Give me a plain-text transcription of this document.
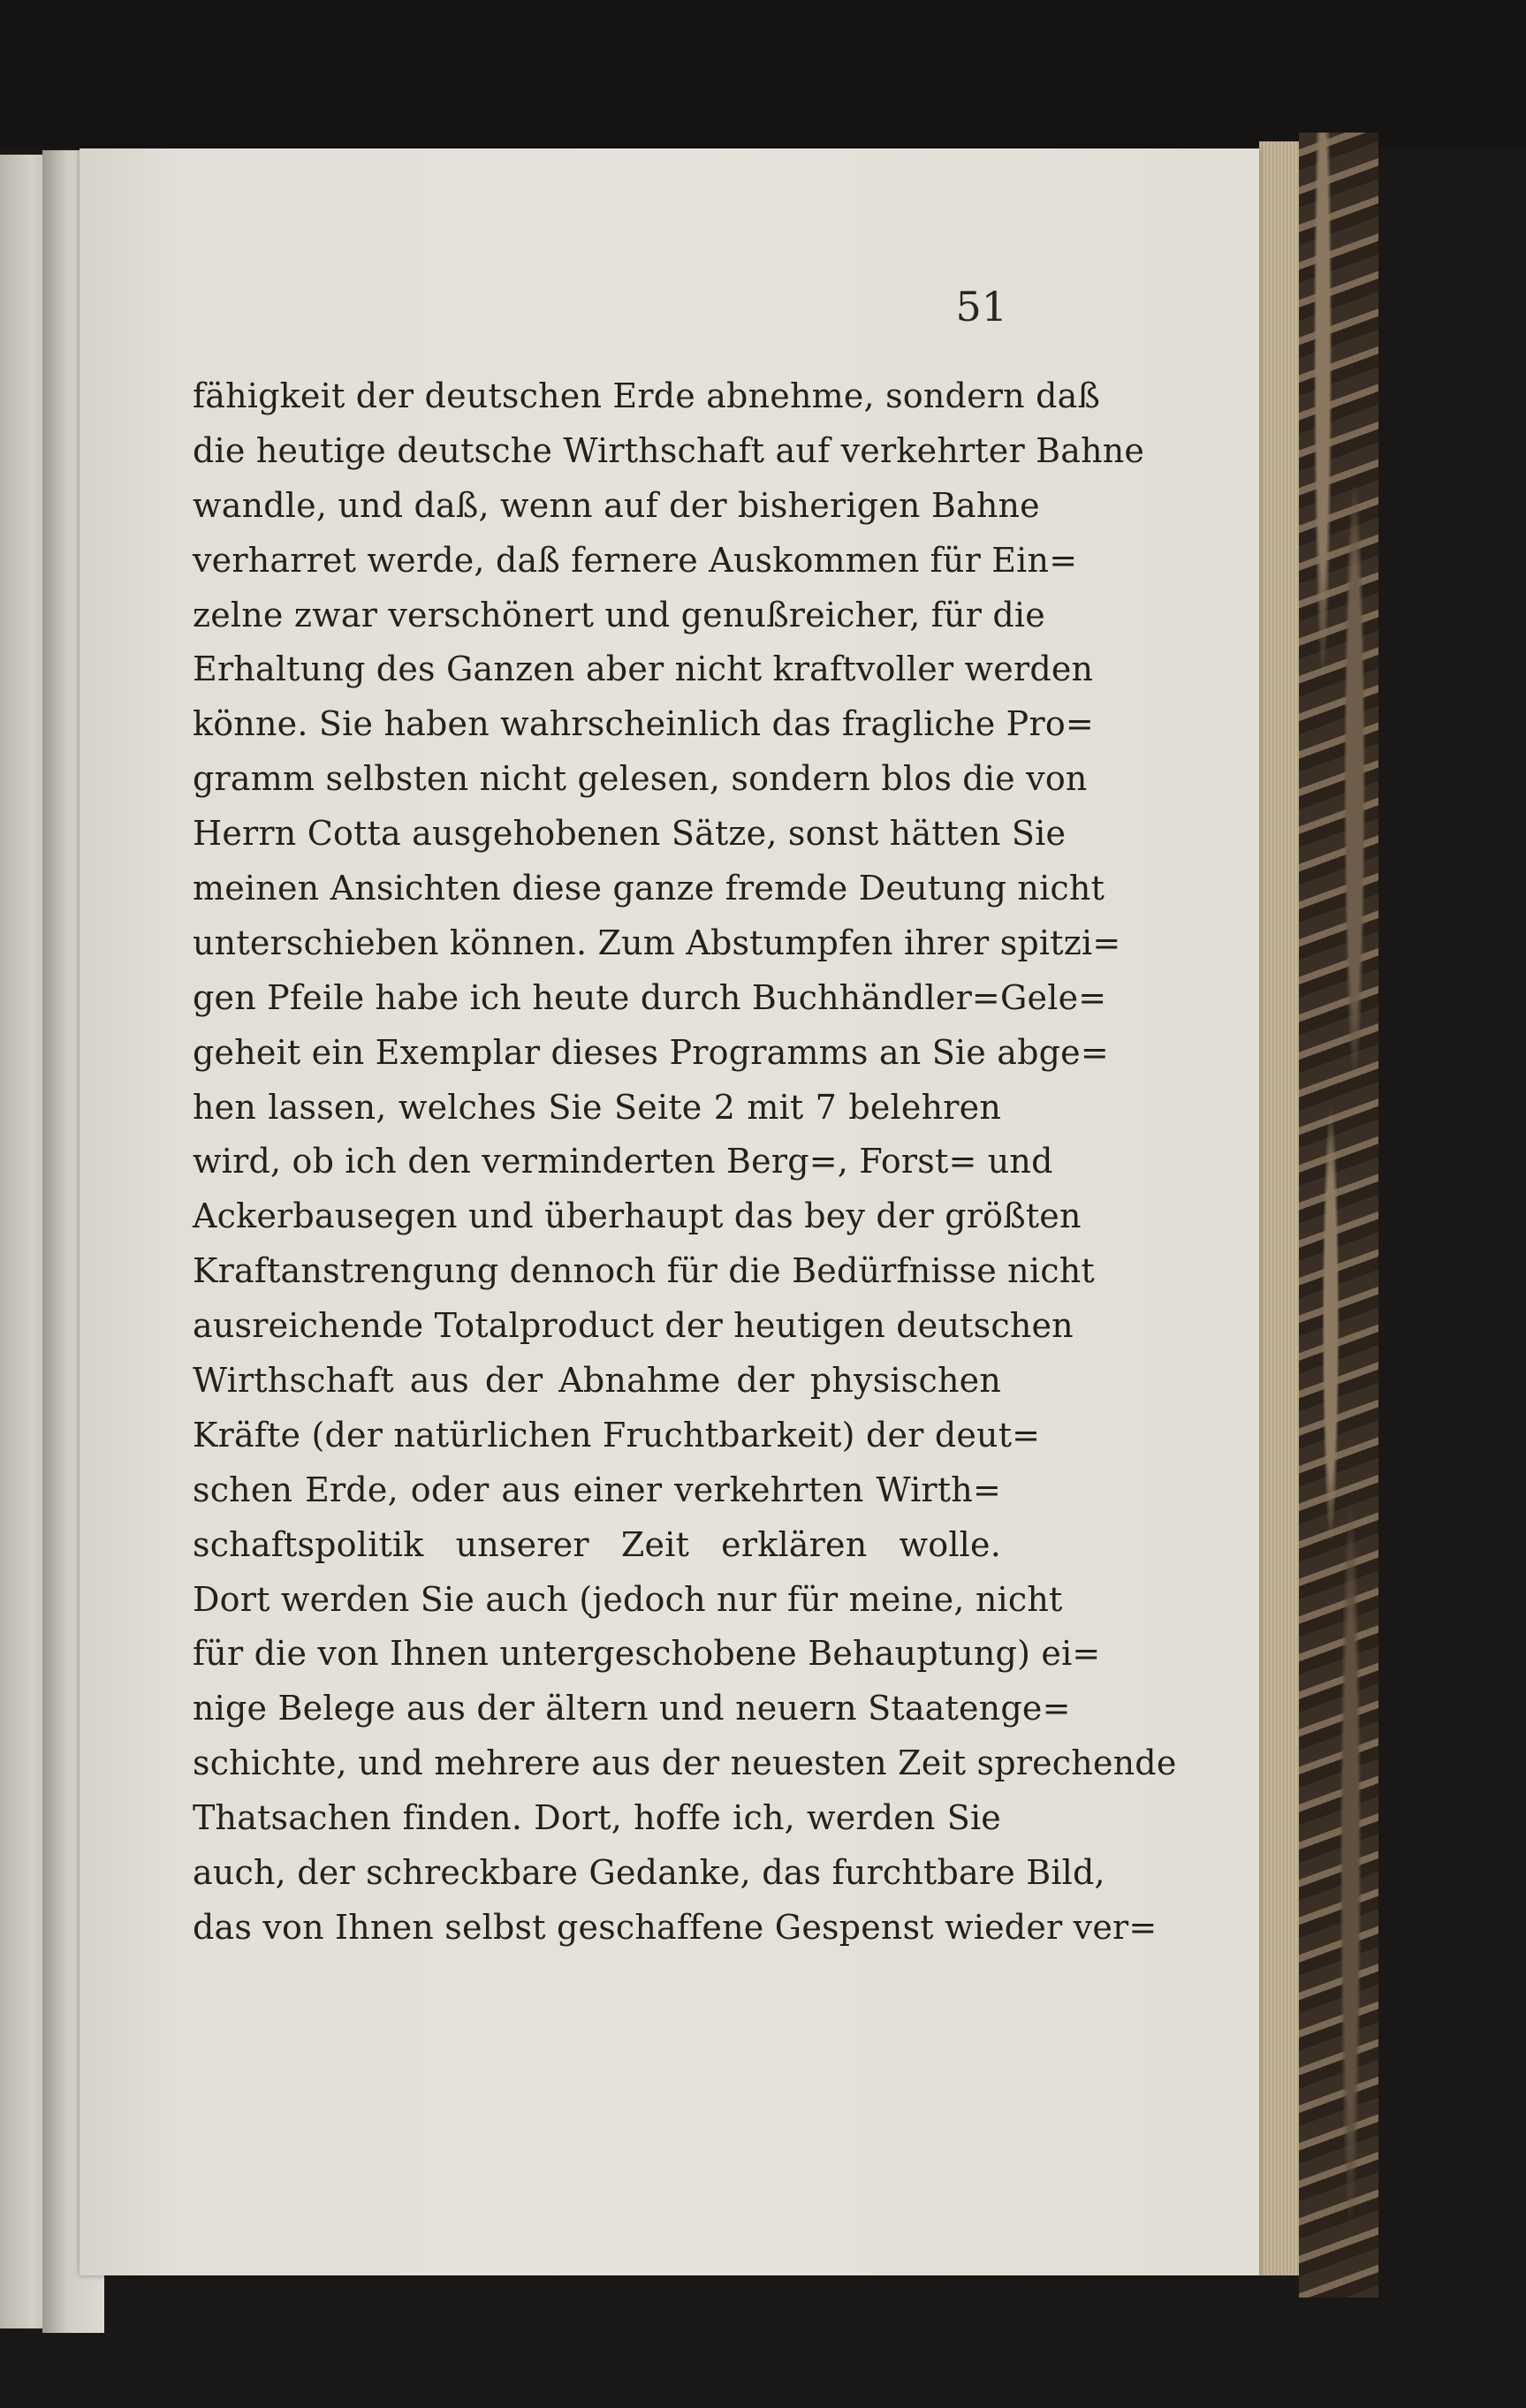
51
fähigkeit der deutschen Erde abnehme, sondern daß
die heutige deutsche Wirthschaft auf verkehrter Bahne
wandle, und daß, wenn auf der bisherigen Bahne
verharret werde, daß fernere Auskommen für Ein=
zelne zwar verschönert und genußreicher, für die
Erhaltung des Ganzen aber nicht kraftvoller werden
könne. Sie haben wahrscheinlich das fragliche Pro=
gramm selbsten nicht gelesen, sondern blos die von
Herrn Cotta ausgehobenen Sätze, sonst hätten Sie
meinen Ansichten diese ganze fremde Deutung nicht
unterschieben können. Zum Abstumpfen ihrer spitzi=
gen Pfeile habe ich heute durch Buchhändler=Gele=
geheit ein Exemplar dieses Programms an Sie abge=
hen lassen, welches Sie Seite 2 mit 7 belehren
wird, ob ich den verminderten Berg=, Forst= und
Ackerbausegen und überhaupt das bey der größten
Kraftanstrengung dennoch für die Bedürfnisse nicht
ausreichende Totalproduct der heutigen deutschen
Wirthschaft aus der Abnahme der physischen
Kräfte (der natürlichen Fruchtbarkeit) der deut=
schen Erde, oder aus einer verkehrten Wirth=
schaftspolitik unserer Zeit erklären wolle.
Dort werden Sie auch (jedoch nur für meine, nicht
für die von Ihnen untergeschobene Behauptung) ei=
nige Belege aus der ältern und neuern Staatenge=
schichte, und mehrere aus der neuesten Zeit sprechende
Thatsachen finden. Dort, hoffe ich, werden Sie
auch, der schreckbare Gedanke, das furchtbare Bild,
das von Ihnen selbst geschaffene Gespenst wieder ver=
